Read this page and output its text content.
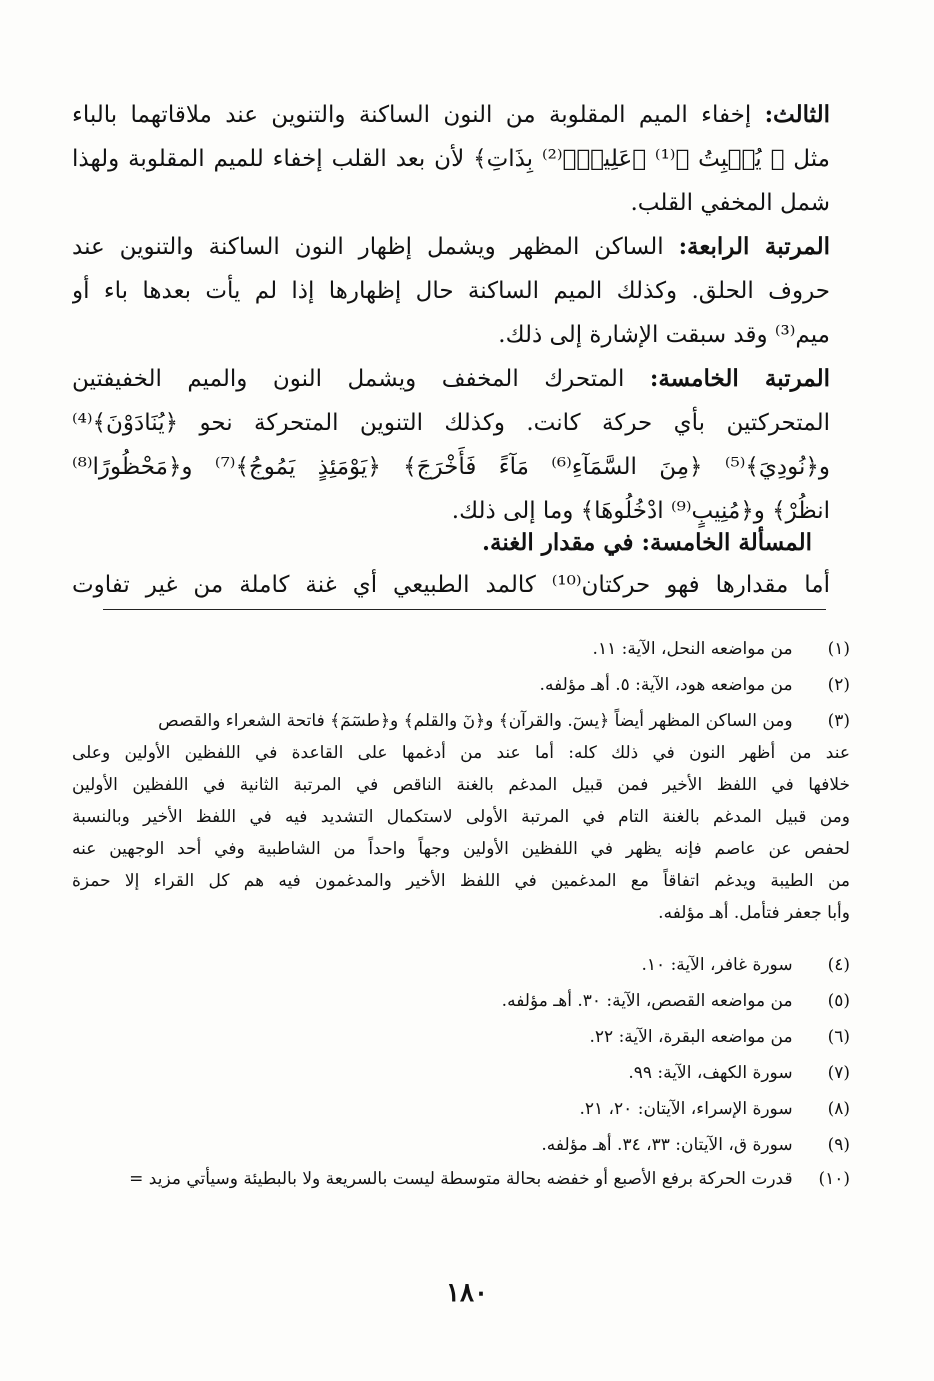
الثالث: إخفاء الميم المقلوبة من النون الساكنة والتنوين عند ملاقاتهما بالباء
مثل ﴿ يُنۢبِتُ ﴾⁽¹⁾ ﴿عَلِيمٌۢ⁽²⁾ بِذَاتِ﴾ لأن بعد القلب إخفاء للميم المقلوبة ولهذا
شمل المخفي القلب.
المرتبة الرابعة: الساكن المظهر ويشمل إظهار النون الساكنة والتنوين عند
حروف الحلق. وكذلك الميم الساكنة حال إظهارها إذا لم يأت بعدها باء أو
ميم⁽³⁾ وقد سبقت الإشارة إلى ذلك.
المرتبة الخامسة: المتحرك المخفف ويشمل النون والميم الخفيفتين
المتحركتين بأي حركة كانت. وكذلك التنوين المتحركة نحو ﴿يُنَادَوْنَ﴾⁽⁴⁾
و﴿نُودِيَ﴾⁽⁵⁾ ﴿مِنَ السَّمَآءِ⁽⁶⁾ مَآءً فَأَخْرَجَ﴾ ﴿يَوْمَئِذٍ يَمُوجُ﴾⁽⁷⁾ و﴿مَحْظُورًا⁽⁸⁾
انظُرْ﴾ و﴿مُنِيبٍ⁽⁹⁾ ادْخُلُوهَا﴾ وما إلى ذلك.
المسألة الخامسة: في مقدار الغنة.
أما مقدارها فهو حركتان⁽¹⁰⁾ كالمد الطبيعي أي غنة كاملة من غير تفاوت
(١) من مواضعه النحل، الآية: ١١.
(٢) من مواضعه هود، الآية: ٥. أهـ مؤلفه.
(٣) ومن الساكن المظهر أيضاً ﴿يسٓ. والقرآن﴾ و﴿نٓ والقلم﴾ و﴿طسٓمٓ﴾ فاتحة الشعراء والقصص
عند من أظهر النون في ذلك كله: أما عند من أدغمها على القاعدة في اللفظين الأولين وعلى
خلافها في اللفظ الأخير فمن قبيل المدغم بالغنة الناقص في المرتبة الثانية في اللفظين الأولين
ومن قبيل المدغم بالغنة التام في المرتبة الأولى لاستكمال التشديد فيه في اللفظ الأخير وبالنسبة
لحفص عن عاصم فإنه يظهر في اللفظين الأولين وجهاً واحداً من الشاطبية وفي أحد الوجهين عنه
من الطيبة ويدغم اتفاقاً مع المدغمين في اللفظ الأخير والمدغمون فيه هم كل القراء إلا حمزة
وأبا جعفر فتأمل. أهـ مؤلفه.
(٤) سورة غافر، الآية: ١٠.
(٥) من مواضعه القصص، الآية: ٣٠. أهـ مؤلفه.
(٦) من مواضعه البقرة، الآية: ٢٢.
(٧) سورة الكهف، الآية: ٩٩.
(٨) سورة الإسراء، الآيتان: ٢٠، ٢١.
(٩) سورة ق، الآيتان: ٣٣، ٣٤. أهـ مؤلفه.
(١٠) قدرت الحركة برفع الأصبع أو خفضه بحالة متوسطة ليست بالسريعة ولا بالبطيئة وسيأتي مزيد =
١٨٠
